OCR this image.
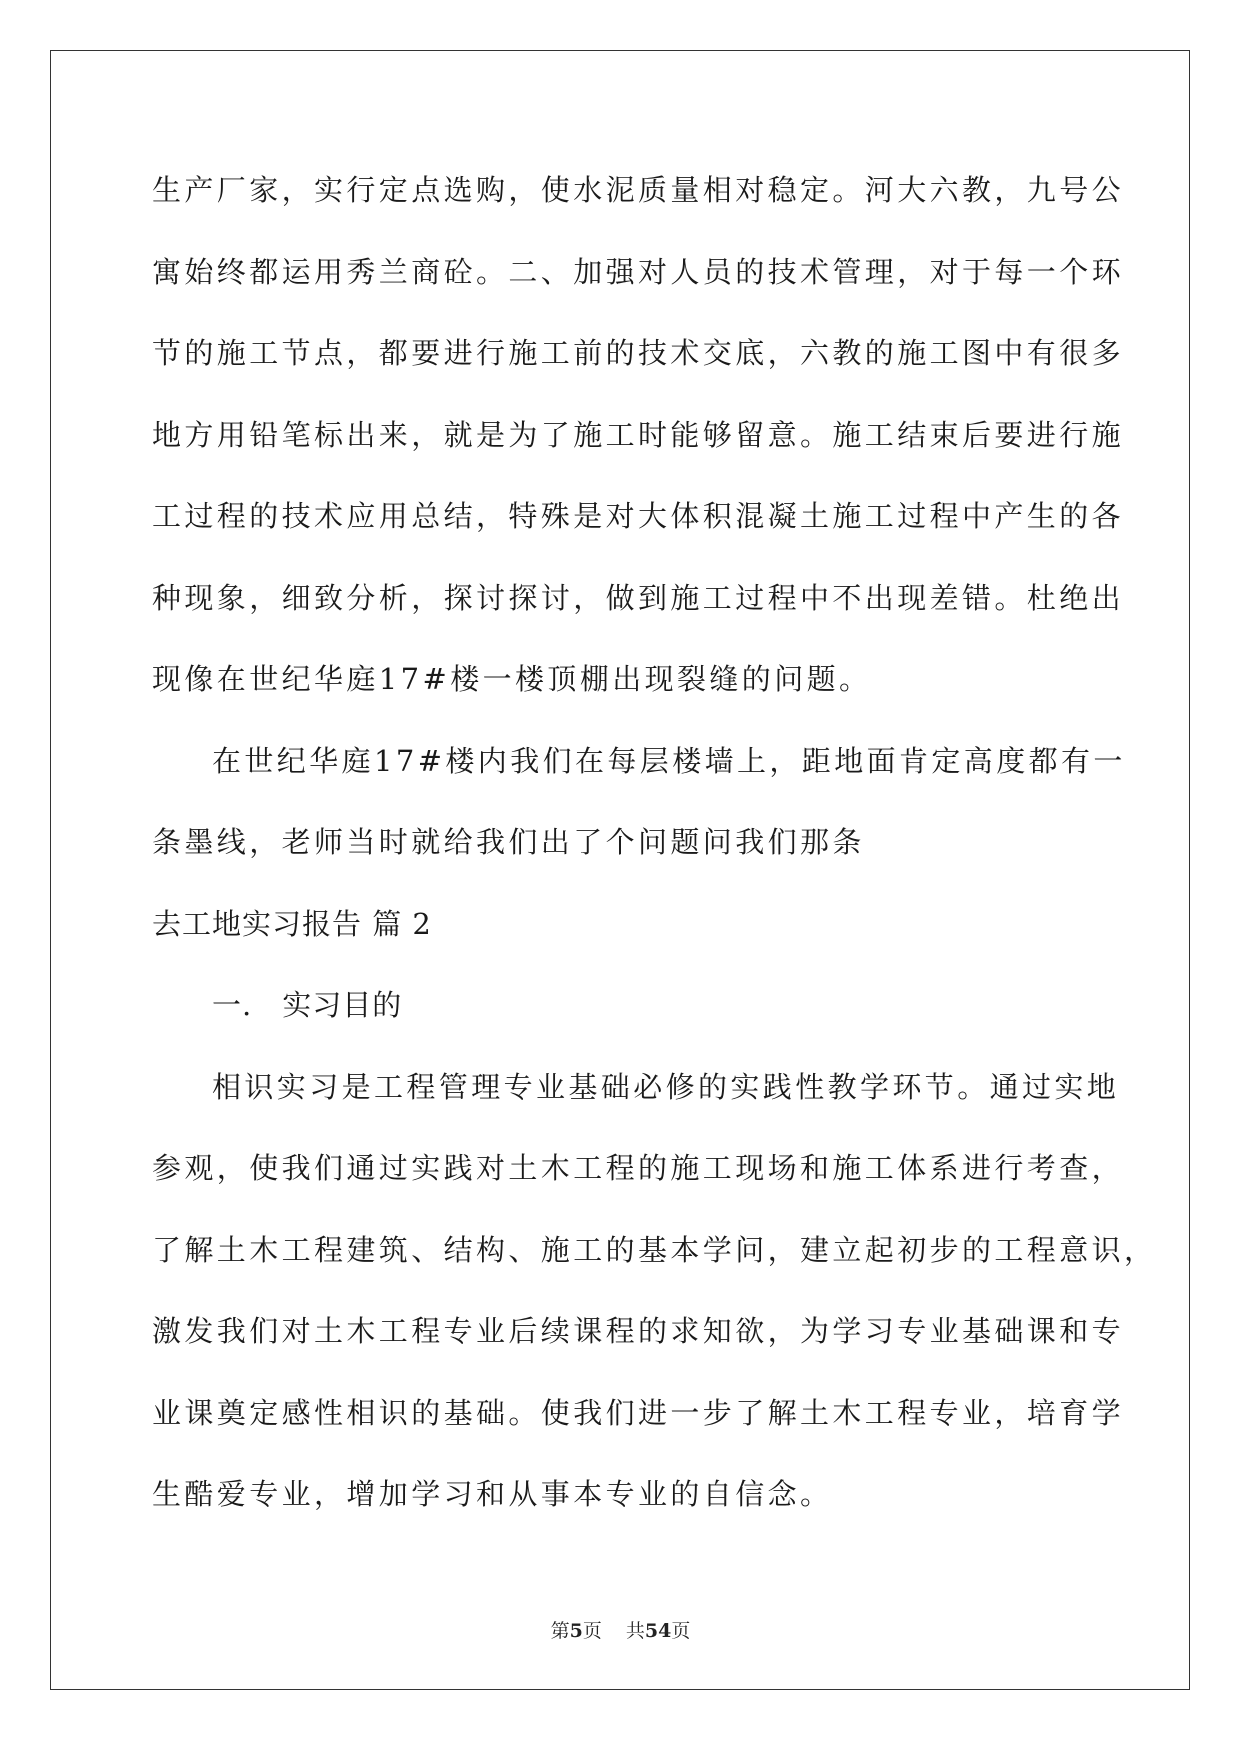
生产厂家，实行定点选购，使水泥质量相对稳定。河大六教，九号公
寓始终都运用秀兰商砼。二、加强对人员的技术管理，对于每一个环
节的施工节点，都要进行施工前的技术交底，六教的施工图中有很多
地方用铅笔标出来，就是为了施工时能够留意。施工结束后要进行施
工过程的技术应用总结，特殊是对大体积混凝土施工过程中产生的各
种现象，细致分析，探讨探讨，做到施工过程中不出现差错。杜绝出
现像在世纪华庭17#楼一楼顶棚出现裂缝的问题。
在世纪华庭17#楼内我们在每层楼墙上，距地面肯定高度都有一
条墨线，老师当时就给我们出了个问题问我们那条
去工地实习报告 篇 2
一.　实习目的
相识实习是工程管理专业基础必修的实践性教学环节。通过实地
参观，使我们通过实践对土木工程的施工现场和施工体系进行考查，
了解土木工程建筑、结构、施工的基本学问，建立起初步的工程意识，
激发我们对土木工程专业后续课程的求知欲，为学习专业基础课和专
业课奠定感性相识的基础。使我们进一步了解土木工程专业，培育学
生酷爱专业，增加学习和从事本专业的自信念。
第5页 共54页
